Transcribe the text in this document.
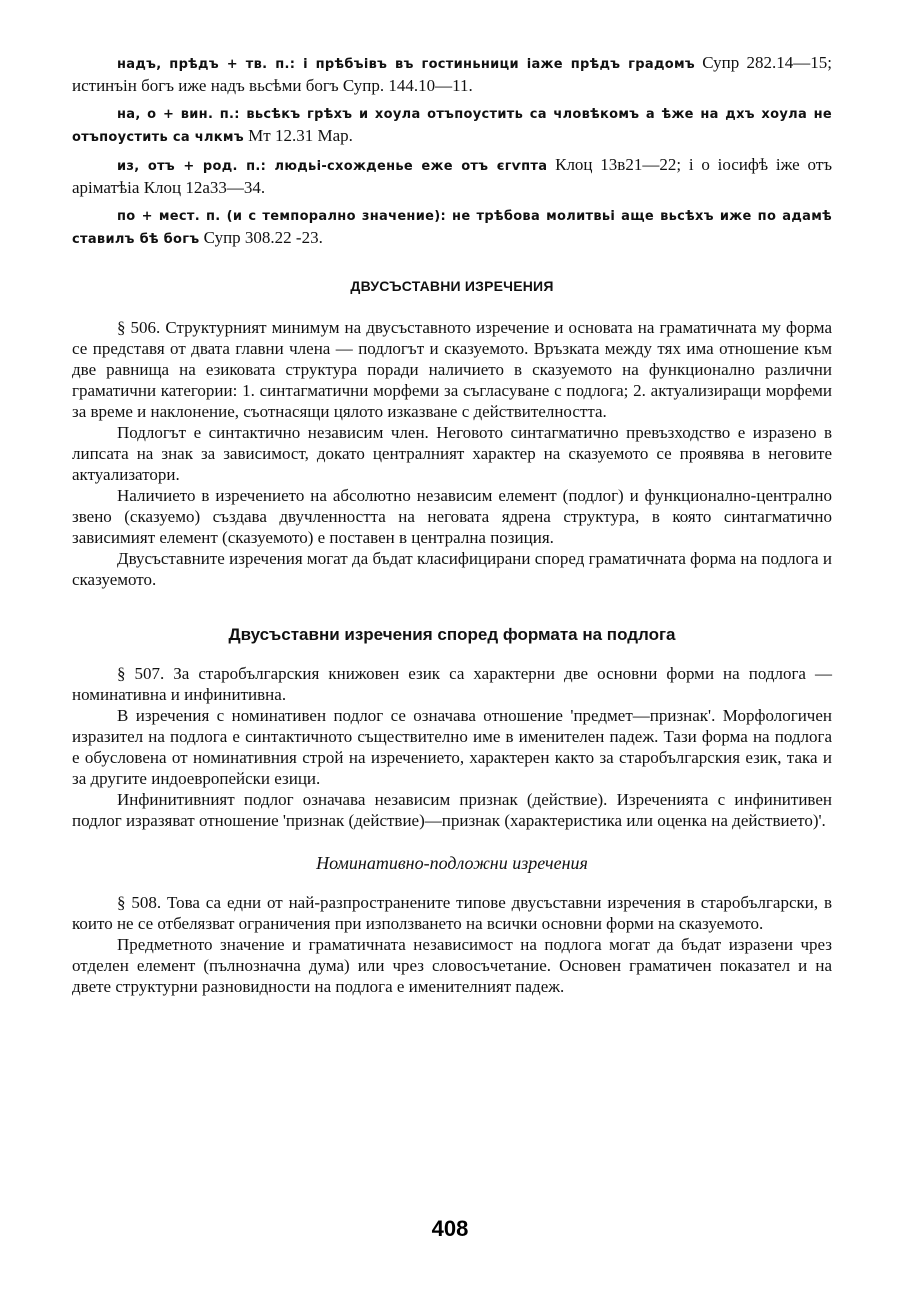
надъ, прѣдъ + тв. п.: і прѣбъівъ въ гостиньници іаже прѣдъ градомъ Супр 282.14—15; истинъін богъ иже надъ вьсѣми богъ Супр. 144.10—11.

на, о + вин. п.: вьсѣкъ грѣхъ и хоула отъпоустить са чловѣкомъ а ѣже на дхъ хоула не отъпоустить са члкмъ Мт 12.31 Мар.

из, отъ + род. п.: людьі-схожденье еже отъ єгѵпта Клоц 13в21—22; і о іосифѣ іже отъ аріматѣіа Клоц 12а33—34.

по + мест. п. (и с темпорално значение): не трѣбова молитвьі аще вьсѣхъ иже по адамѣ ставилъ бѣ богъ Супр 308.22 -23.

ДВУСЪСТАВНИ ИЗРЕЧЕНИЯ

§ 506. Структурният минимум на двусъставното изречение и основата на граматичната му форма се представя от двата главни члена — подлогът и сказуемото. Връзката между тях има отношение към две равнища на езиковата структура поради наличието в сказуемото на функционално различни граматични категории: 1. синтагматични морфеми за съгласуване с подлога; 2. актуализиращи морфеми за време и наклонение, съотнасящи цялото изказване с действителността.

Подлогът е синтактично независим член. Неговото синтагматично превъзходство е изразено в липсата на знак за зависимост, докато централният характер на сказуемото се проявява в неговите актуализатори.

Наличието в изречението на абсолютно независим елемент (подлог) и функционално-централно звено (сказуемо) създава двучленността на неговата ядрена структура, в която синтагматично зависимият елемент (сказуемото) е поставен в централна позиция.

Двусъставните изречения могат да бъдат класифицирани според граматичната форма на подлога и сказуемото.

Двусъставни изречения според формата на подлога

§ 507. За старобългарския книжовен език са характерни две основни форми на подлога — номинативна и инфинитивна.

В изречения с номинативен подлог се означава отношение 'предмет—признак'. Морфологичен изразител на подлога е синтактичното съществително име в именителен падеж. Тази форма на подлога е обусловена от номинативния строй на изречението, характерен както за старобългарския език, така и за другите индоевропейски езици.

Инфинитивният подлог означава независим признак (действие). Изреченията с инфинитивен подлог изразяват отношение 'признак (действие)—признак (характеристика или оценка на действието)'.

Номинативно-подложни изречения

§ 508. Това са едни от най-разпространените типове двусъставни изречения в старобългарски, в които не се отбелязват ограничения при използването на всички основни форми на сказуемото.

Предметното значение и граматичната независимост на подлога могат да бъдат изразени чрез отделен елемент (пълнозначна дума) или чрез словосъчетание. Основен граматичен показател и на двете структурни разновидности на подлога е именителният падеж.

408
